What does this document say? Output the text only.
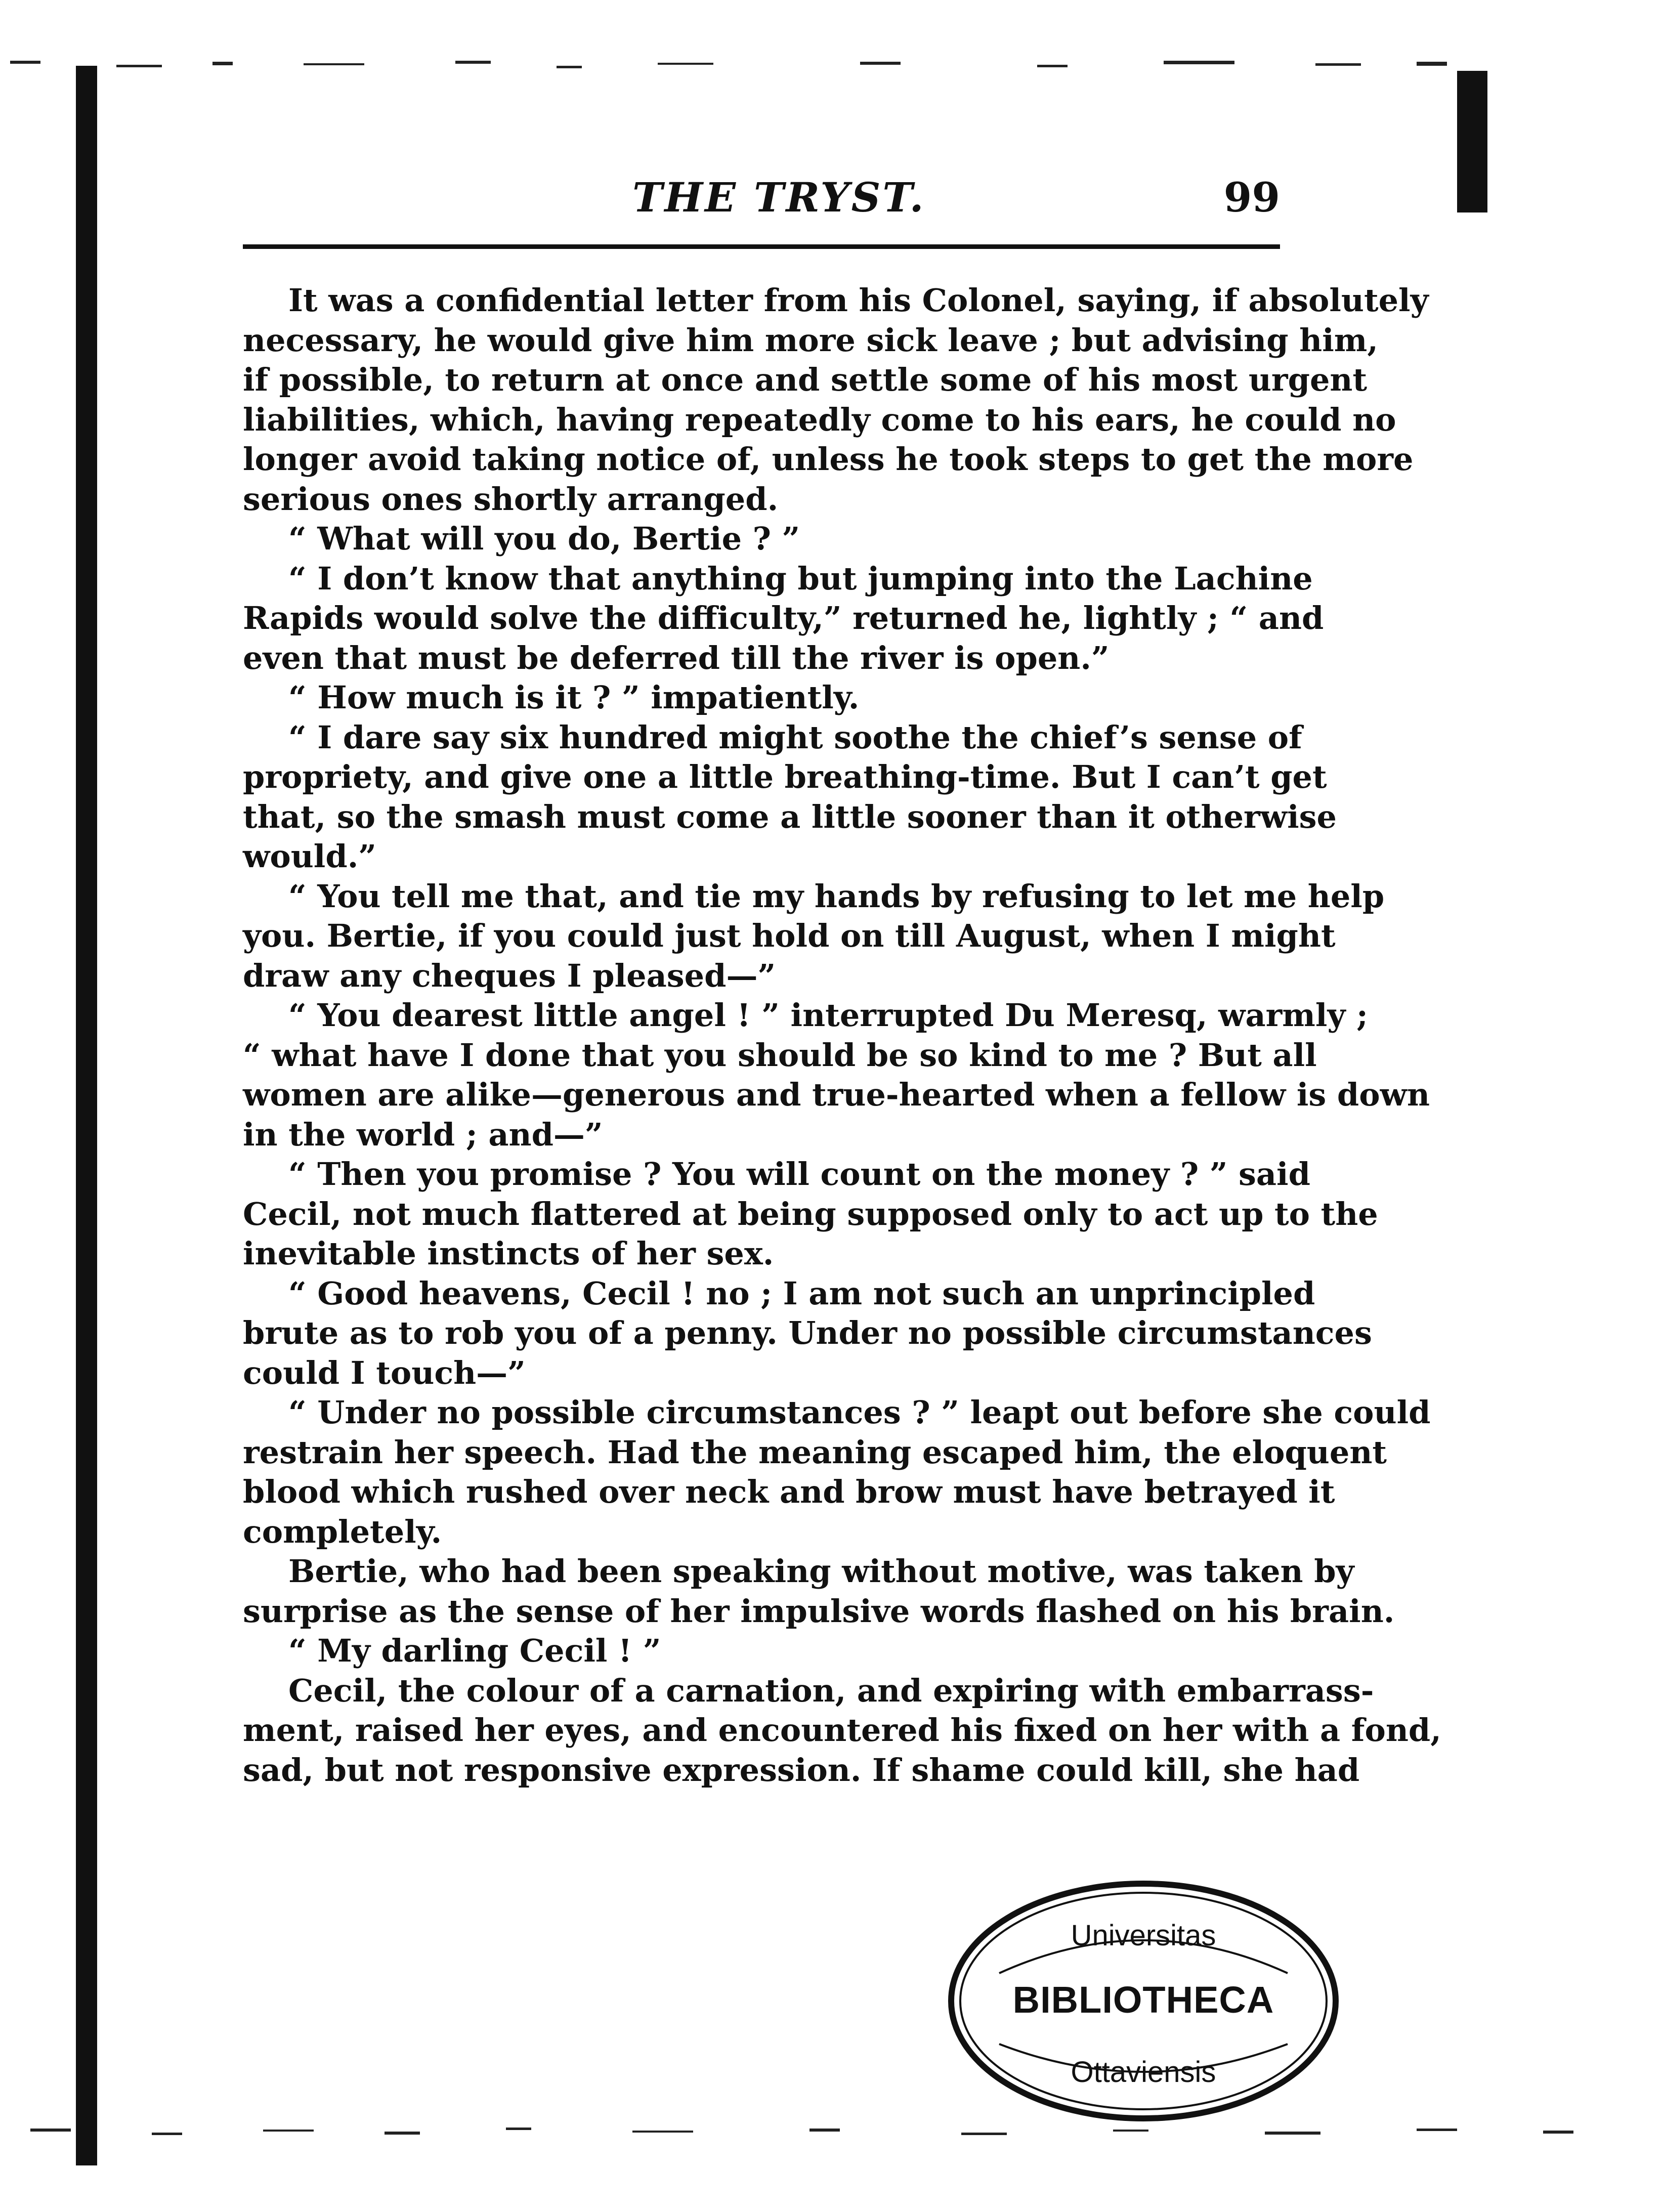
THE TRYST.	99
It was a confidential letter from his Colonel, saying, if absolutely
necessary, he would give him more sick leave ; but advising him,
if possible, to return at once and settle some of his most urgent
liabilities, which, having repeatedly come to his ears, he could no
longer avoid taking notice of, unless he took steps to get the more
serious ones shortly arranged.
“ What will you do, Bertie ? ”
“ I don’t know that anything but jumping into the Lachine
Rapids would solve the difficulty,” returned he, lightly ; “ and
even that must be deferred till the river is open.”
“ How much is it ? ” impatiently.
“ I dare say six hundred might soothe the chief’s sense of
propriety, and give one a little breathing-time. But I can’t get
that, so the smash must come a little sooner than it otherwise
would.”
“ You tell me that, and tie my hands by refusing to let me help
you. Bertie, if you could just hold on till August, when I might
draw any cheques I pleased—”
“ You dearest little angel ! ” interrupted Du Meresq, warmly ;
“ what have I done that you should be so kind to me ? But all
women are alike—generous and true-hearted when a fellow is down
in the world ; and—”
“ Then you promise ? You will count on the money ? ” said
Cecil, not much flattered at being supposed only to act up to the
inevitable instincts of her sex.
“ Good heavens, Cecil ! no ; I am not such an unprincipled
brute as to rob you of a penny. Under no possible circumstances
could I touch—”
“ Under no possible circumstances ? ” leapt out before she could
restrain her speech. Had the meaning escaped him, the eloquent
blood which rushed over neck and brow must have betrayed it
completely.
Bertie, who had been speaking without motive, was taken by
surprise as the sense of her impulsive words flashed on his brain.
“ My darling Cecil ! ”
Cecil, the colour of a carnation, and expiring with embarrass-
ment, raised her eyes, and encountered his fixed on her with a fond,
sad, but not responsive expression. If shame could kill, she had
Universitas
Ottaviensis
BIBLIOTHECA
